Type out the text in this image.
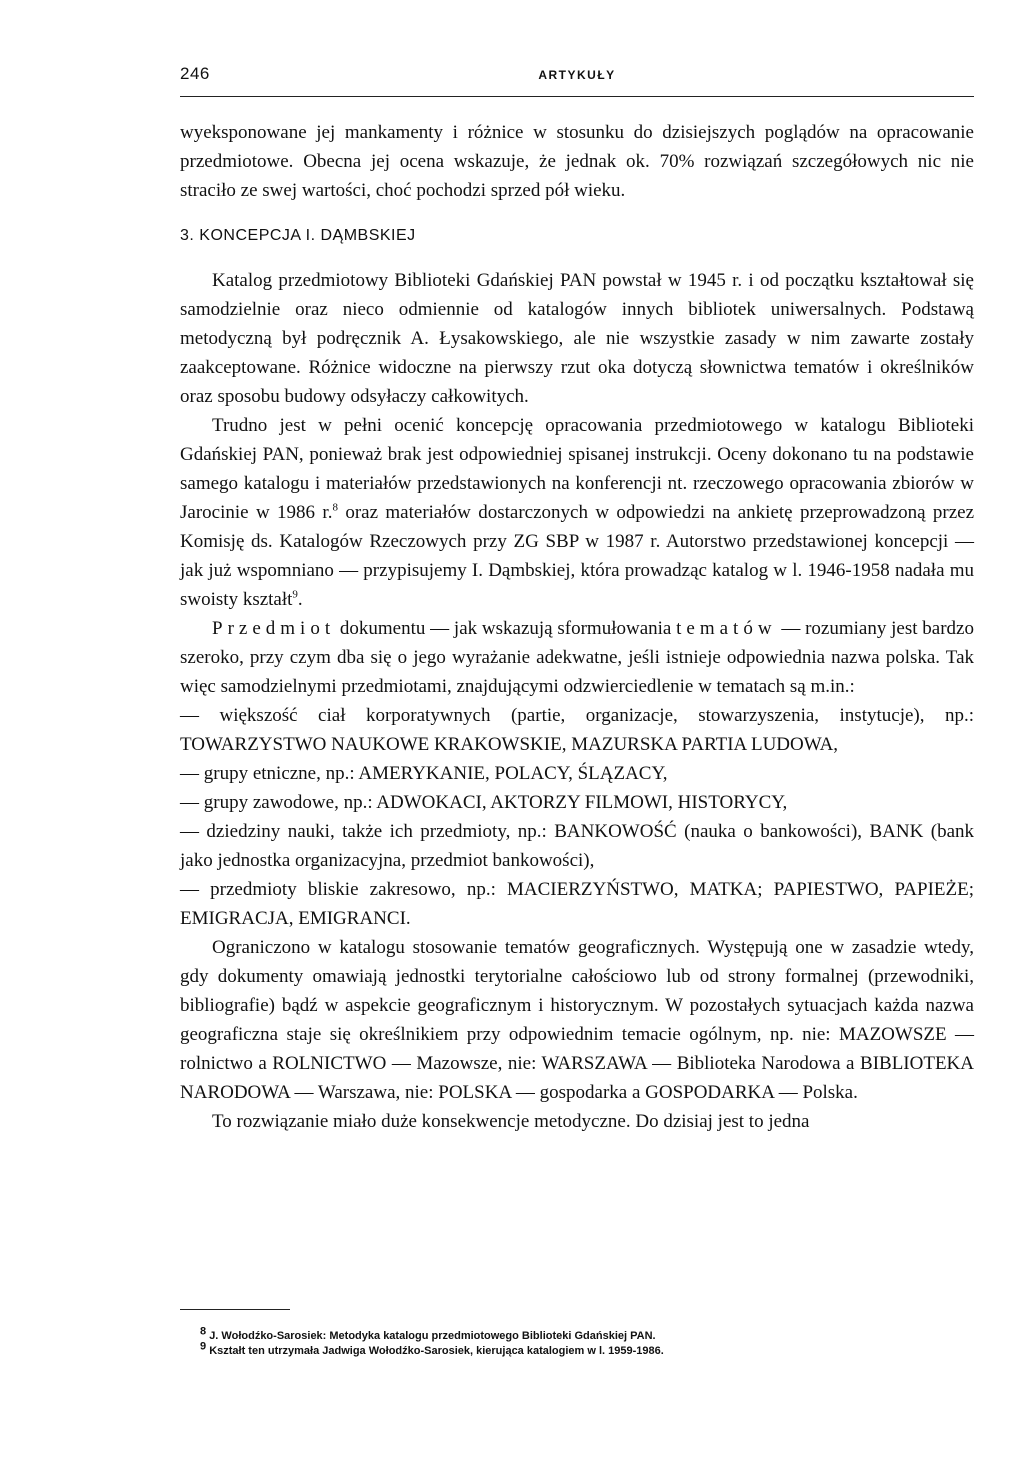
246	ARTYKUŁY

wyeksponowane jej mankamenty i różnice w stosunku do dzisiejszych poglądów na opracowanie przedmiotowe. Obecna jej ocena wskazuje, że jednak ok. 70% rozwiązań szczegółowych nic nie straciło ze swej wartości, choć pochodzi sprzed pół wieku.

3. KONCEPCJA I. DĄMBSKIEJ

Katalog przedmiotowy Biblioteki Gdańskiej PAN powstał w 1945 r. i od początku kształtował się samodzielnie oraz nieco odmiennie od katalogów innych bibliotek uniwersalnych. Podstawą metodyczną był podręcznik A. Łysakowskiego, ale nie wszystkie zasady w nim zawarte zostały zaakceptowane. Różnice widoczne na pierwszy rzut oka dotyczą słownictwa tematów i określników oraz sposobu budowy odsyłaczy całkowitych.

Trudno jest w pełni ocenić koncepcję opracowania przedmiotowego w katalogu Biblioteki Gdańskiej PAN, ponieważ brak jest odpowiedniej spisanej instrukcji. Oceny dokonano tu na podstawie samego katalogu i materiałów przedstawionych na konferencji nt. rzeczowego opracowania zbiorów w Jarocinie w 1986 r.$^8$ oraz materiałów dostarczonych w odpowiedzi na ankietę przeprowadzoną przez Komisję ds. Katalogów Rzeczowych przy ZG SBP w 1987 r. Autorstwo przedstawionej koncepcji — jak już wspomniano — przypisujemy I. Dąmbskiej, która prowadząc katalog w l. 1946-1958 nadała mu swoisty kształt$^9$.

Przedmiot dokumentu — jak wskazują sformułowania tematów — rozumiany jest bardzo szeroko, przy czym dba się o jego wyrażanie adekwatne, jeśli istnieje odpowiednia nazwa polska. Tak więc samodzielnymi przedmiotami, znajdującymi odzwierciedlenie w tematach są m.in.:

— większość ciał korporatywnych (partie, organizacje, stowarzyszenia, instytucje), np.: TOWARZYSTWO NAUKOWE KRAKOWSKIE, MAZURSKA PARTIA LUDOWA,

— grupy etniczne, np.: AMERYKANIE, POLACY, ŚLĄZACY,

— grupy zawodowe, np.: ADWOKACI, AKTORZY FILMOWI, HISTORYCY,

— dziedziny nauki, także ich przedmioty, np.: BANKOWOŚĆ (nauka o bankowości), BANK (bank jako jednostka organizacyjna, przedmiot bankowości),

— przedmioty bliskie zakresowo, np.: MACIERZYŃSTWO, MATKA; PAPIESTWO, PAPIEŻE; EMIGRACJA, EMIGRANCI.

Ograniczono w katalogu stosowanie tematów geograficznych. Występują one w zasadzie wtedy, gdy dokumenty omawiają jednostki terytorialne całościowo lub od strony formalnej (przewodniki, bibliografie) bądź w aspekcie geograficznym i historycznym. W pozostałych sytuacjach każda nazwa geograficzna staje się określnikiem przy odpowiednim temacie ogólnym, np. nie: MAZOWSZE — rolnictwo a ROLNICTWO — Mazowsze, nie: WARSZAWA — Biblioteka Narodowa a BIBLIOTEKA NARODOWA — Warszawa, nie: POLSKA — gospodarka a GOSPODARKA — Polska.

To rozwiązanie miało duże konsekwencje metodyczne. Do dzisiaj jest to jedna

$^8$ J. Wołodźko-Sarosiek: Metodyka katalogu przedmiotowego Biblioteki Gdańskiej PAN.

$^9$ Kształt ten utrzymała Jadwiga Wołodźko-Sarosiek, kierująca katalogiem w l. 1959-1986.
